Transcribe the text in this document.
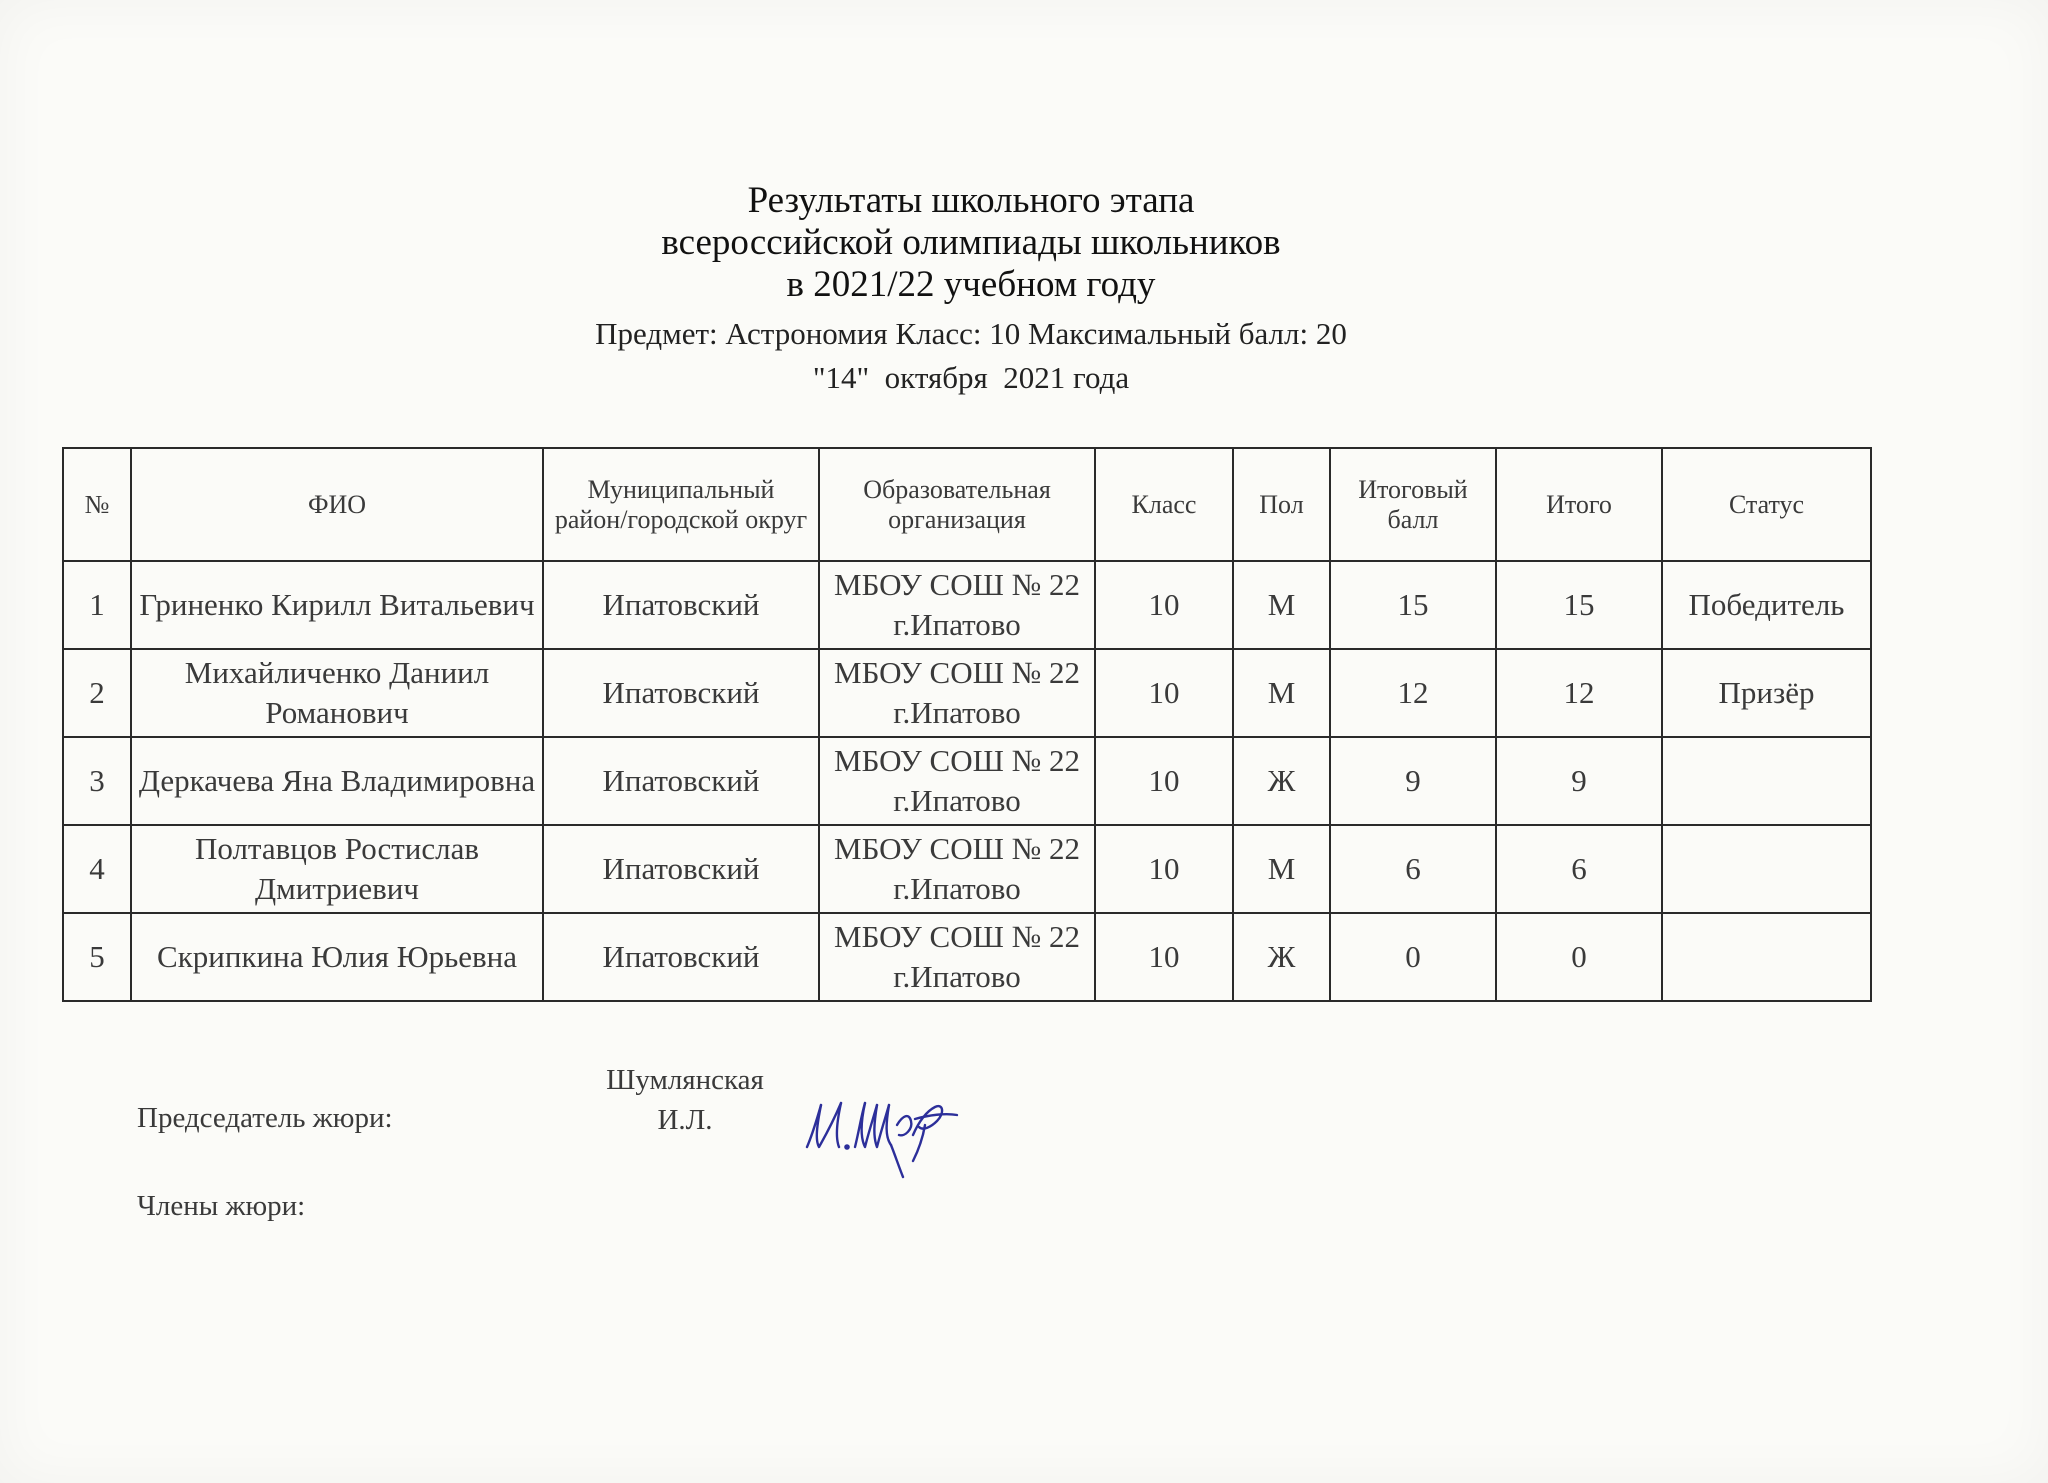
Результаты школьного этапа
всероссийской олимпиады школьников
в 2021/22 учебном году
Предмет: Астрономия Класс: 10 Максимальный балл: 20
"14"  октября  2021 года
№	ФИО	Муниципальный район/городской округ	Образовательная организация	Класс	Пол	Итоговый балл	Итого	Статус
1	Гриненко Кирилл Витальевич	Ипатовский	МБОУ СОШ № 22 г.Ипатово	10	М	15	15	Победитель
2	Михайличенко Даниил Романович	Ипатовский	МБОУ СОШ № 22 г.Ипатово	10	М	12	12	Призёр
3	Деркачева Яна Владимировна	Ипатовский	МБОУ СОШ № 22 г.Ипатово	10	Ж	9	9	
4	Полтавцов Ростислав Дмитриевич	Ипатовский	МБОУ СОШ № 22 г.Ипатово	10	М	6	6	
5	Скрипкина Юлия Юрьевна	Ипатовский	МБОУ СОШ № 22 г.Ипатово	10	Ж	0	0	
Председатель жюри:
Шумлянская И.Л.
Члены жюри:
